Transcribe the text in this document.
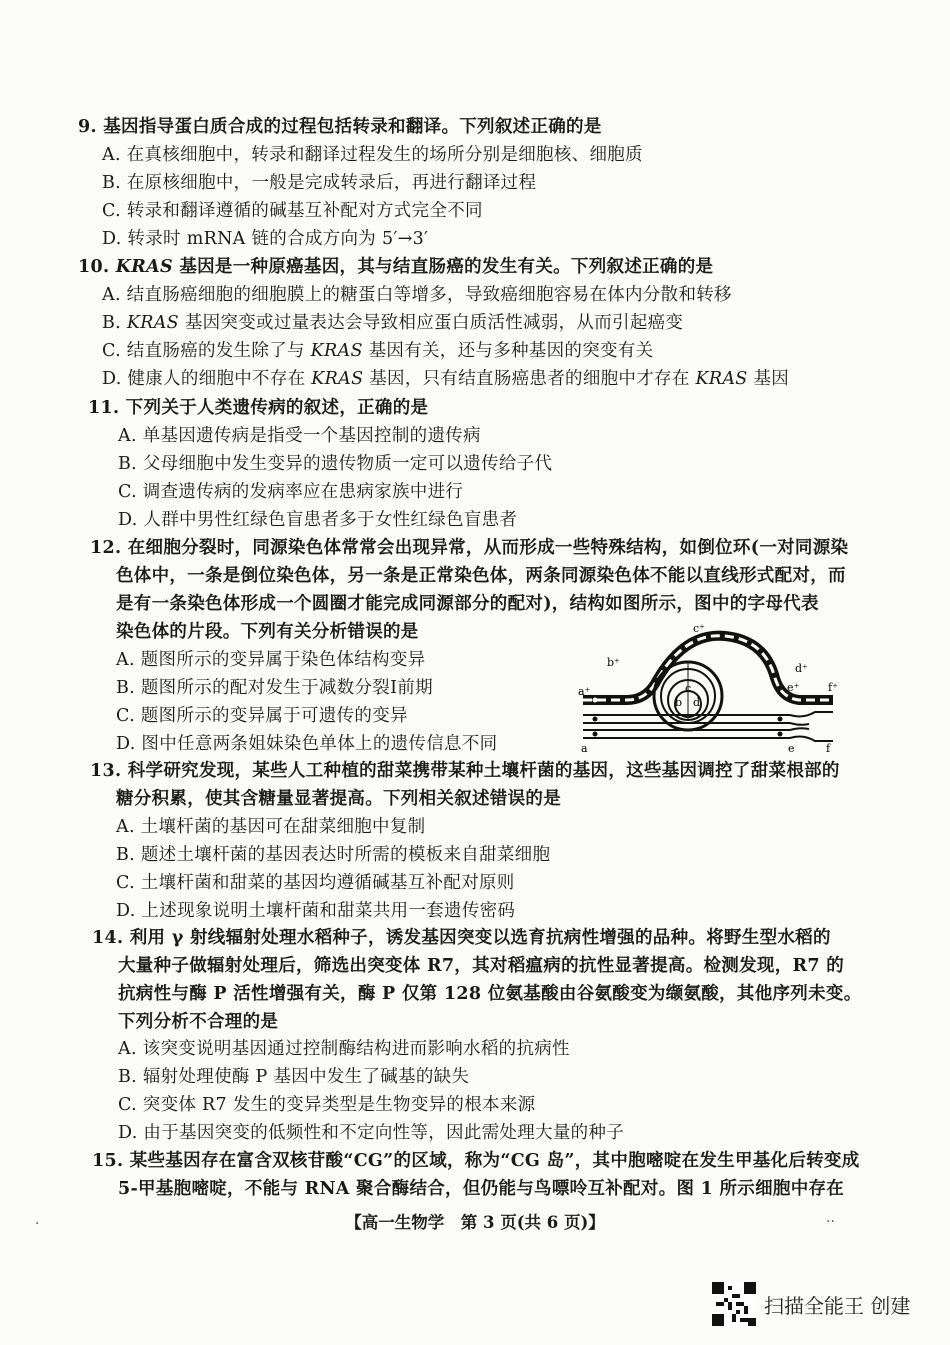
9. 基因指导蛋白质合成的过程包括转录和翻译。下列叙述正确的是
A. 在真核细胞中，转录和翻译过程发生的场所分别是细胞核、细胞质
B. 在原核细胞中，一般是完成转录后，再进行翻译过程
C. 转录和翻译遵循的碱基互补配对方式完全不同
D. 转录时 mRNA 链的合成方向为 5′→3′
10. KRAS 基因是一种原癌基因，其与结直肠癌的发生有关。下列叙述正确的是
A. 结直肠癌细胞的细胞膜上的糖蛋白等增多，导致癌细胞容易在体内分散和转移
B. KRAS 基因突变或过量表达会导致相应蛋白质活性减弱，从而引起癌变
C. 结直肠癌的发生除了与 KRAS 基因有关，还与多种基因的突变有关
D. 健康人的细胞中不存在 KRAS 基因，只有结直肠癌患者的细胞中才存在 KRAS 基因
11. 下列关于人类遗传病的叙述，正确的是
A. 单基因遗传病是指受一个基因控制的遗传病
B. 父母细胞中发生变异的遗传物质一定可以遗传给子代
C. 调查遗传病的发病率应在患病家族中进行
D. 人群中男性红绿色盲患者多于女性红绿色盲患者
12. 在细胞分裂时，同源染色体常常会出现异常，从而形成一些特殊结构，如倒位环(一对同源染
色体中，一条是倒位染色体，另一条是正常染色体，两条同源染色体不能以直线形式配对，而
是有一条染色体形成一个圆圈才能完成同源部分的配对)，结构如图所示，图中的字母代表
染色体的片段。下列有关分析错误的是
A. 题图所示的变异属于染色体结构变异
B. 题图所示的配对发生于减数分裂Ⅰ前期
C. 题图所示的变异属于可遗传的变异
D. 图中任意两条姐妹染色单体上的遗传信息不同
c⁺
b⁺	d⁺
a⁺	e⁺	f⁺
c
b d
a	e	f
13. 科学研究发现，某些人工种植的甜菜携带某种土壤杆菌的基因，这些基因调控了甜菜根部的
糖分积累，使其含糖量显著提高。下列相关叙述错误的是
A. 土壤杆菌的基因可在甜菜细胞中复制
B. 题述土壤杆菌的基因表达时所需的模板来自甜菜细胞
C. 土壤杆菌和甜菜的基因均遵循碱基互补配对原则
D. 上述现象说明土壤杆菌和甜菜共用一套遗传密码
14. 利用 γ 射线辐射处理水稻种子，诱发基因突变以选育抗病性增强的品种。将野生型水稻的
大量种子做辐射处理后，筛选出突变体 R7，其对稻瘟病的抗性显著提高。检测发现，R7 的
抗病性与酶 P 活性增强有关，酶 P 仅第 128 位氨基酸由谷氨酸变为缬氨酸，其他序列未变。
下列分析不合理的是
A. 该突变说明基因通过控制酶结构进而影响水稻的抗病性
B. 辐射处理使酶 P 基因中发生了碱基的缺失
C. 突变体 R7 发生的变异类型是生物变异的根本来源
D. 由于基因突变的低频性和不定向性等，因此需处理大量的种子
15. 某些基因存在富含双核苷酸“CG”的区域，称为“CG 岛”，其中胞嘧啶在发生甲基化后转变成
5-甲基胞嘧啶，不能与 RNA 聚合酶结合，但仍能与鸟嘌呤互补配对。图 1 所示细胞中存在
【高一生物学　第 3 页(共 6 页)】
.	..
扫描全能王 创建
